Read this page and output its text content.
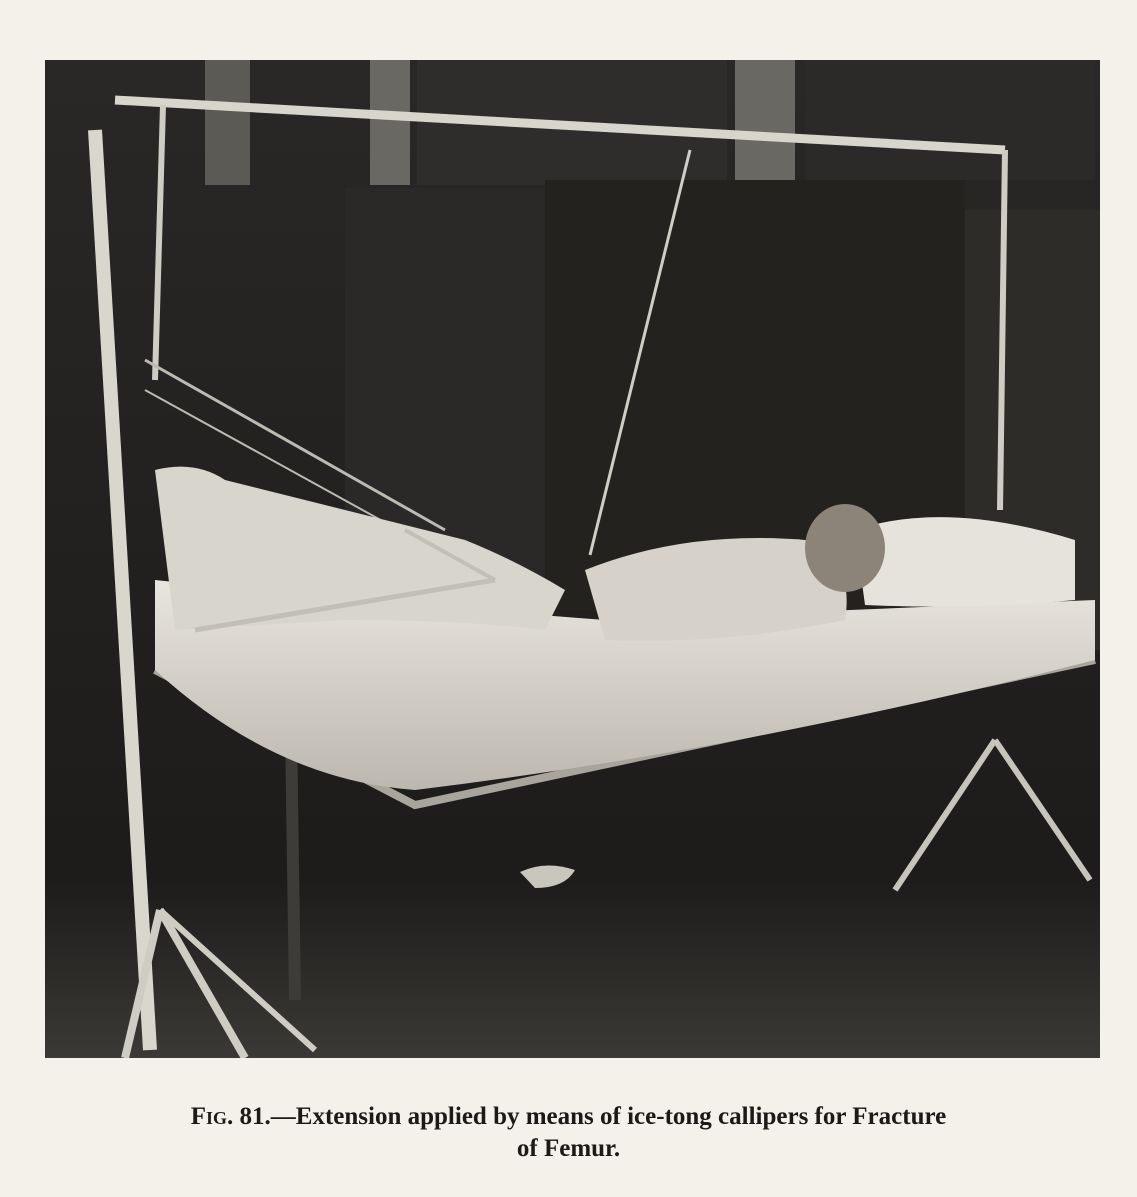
Fig. 81.—Extension applied by means of ice-tong callipers for Fracture
of Femur.
